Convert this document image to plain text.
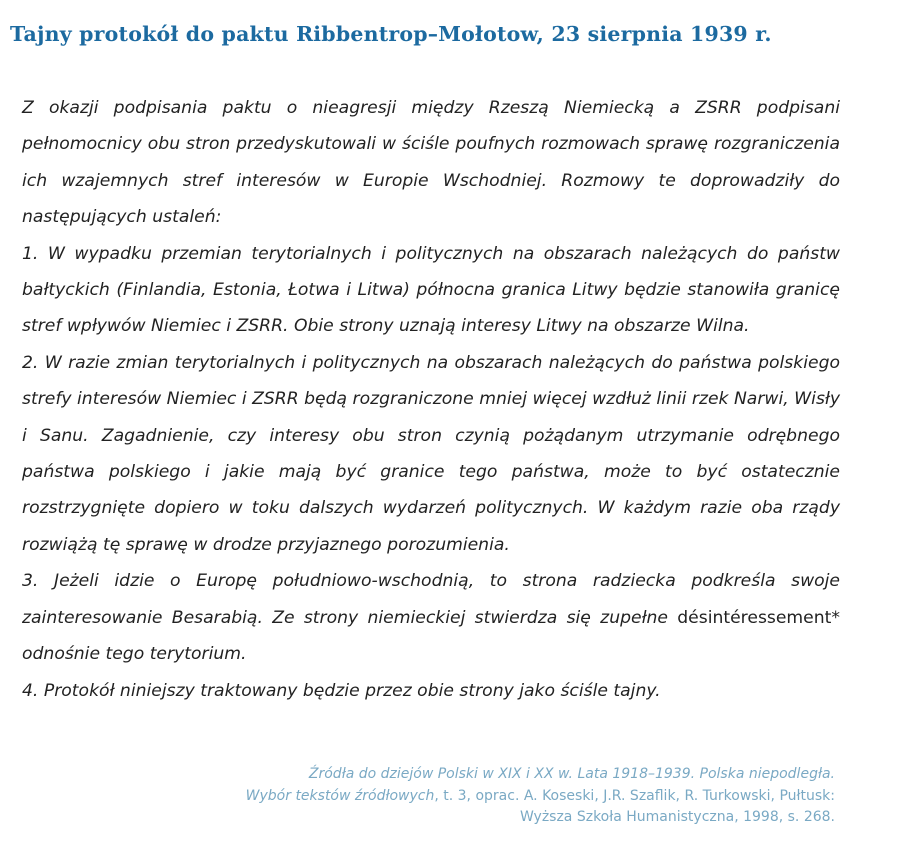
Tajny protokół do paktu Ribbentrop–Mołotow, 23 sierpnia 1939 r.

Z okazji podpisania paktu o nieagresji między Rzeszą Niemiecką a ZSRR podpisani pełnomocnicy obu stron przedyskutowali w ściśle poufnych rozmowach sprawę rozgraniczenia ich wzajemnych stref interesów w Europie Wschodniej. Rozmowy te doprowadziły do następujących ustaleń:

1. W wypadku przemian terytorialnych i politycznych na obszarach należących do państw bałtyckich (Finlandia, Estonia, Łotwa i Litwa) północna granica Litwy będzie stanowiła granicę stref wpływów Niemiec i ZSRR. Obie strony uznają interesy Litwy na obszarze Wilna.

2. W razie zmian terytorialnych i politycznych na obszarach należących do państwa polskiego strefy interesów Niemiec i ZSRR będą rozgraniczone mniej więcej wzdłuż linii rzek Narwi, Wisły i Sanu. Zagadnienie, czy interesy obu stron czynią pożądanym utrzymanie odrębnego państwa polskiego i jakie mają być granice tego państwa, może to być ostatecznie rozstrzygnięte dopiero w toku dalszych wydarzeń politycznych. W każdym razie oba rządy rozwiążą tę sprawę w drodze przyjaznego porozumienia.

3. Jeżeli idzie o Europę południowo-wschodnią, to strona radziecka podkreśla swoje zainteresowanie Besarabią. Ze strony niemieckiej stwierdza się zupełne désintéressement* odnośnie tego terytorium.

4. Protokół niniejszy traktowany będzie przez obie strony jako ściśle tajny.

Źródła do dziejów Polski w XIX i XX w. Lata 1918–1939. Polska niepodległa.
Wybór tekstów źródłowych, t. 3, oprac. A. Koseski, J.R. Szaflik, R. Turkowski, Pułtusk:
Wyższa Szkoła Humanistyczna, 1998, s. 268.
